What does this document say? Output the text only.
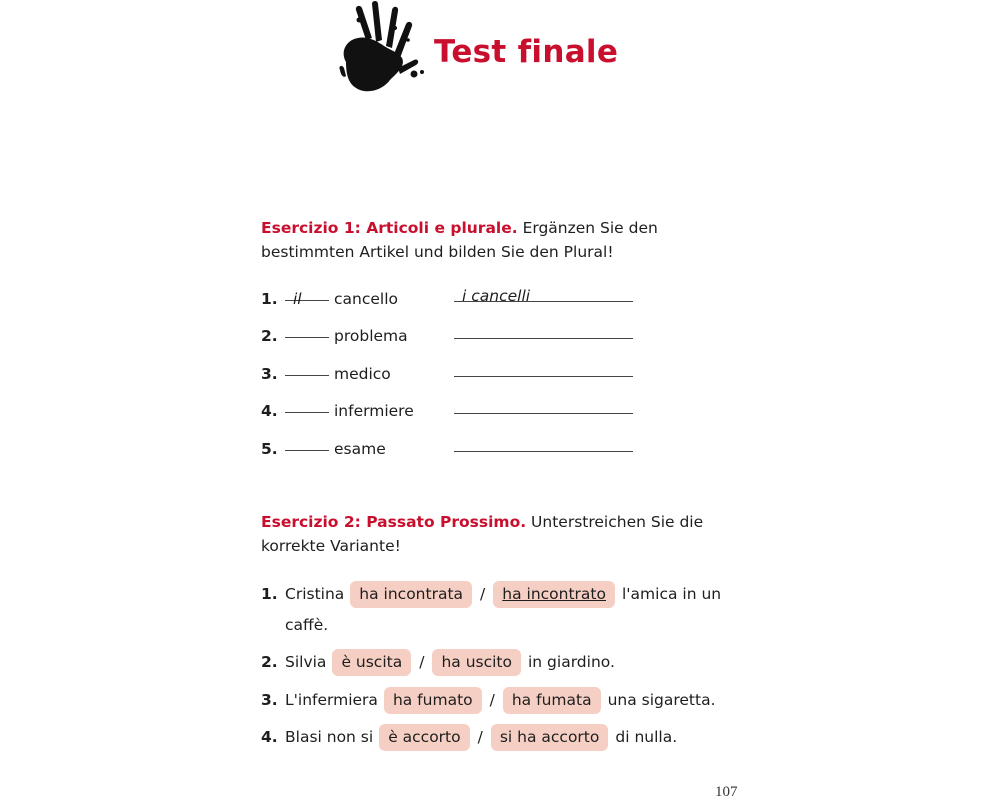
Test finale

Esercizio 1: Articoli e plurale. Ergänzen Sie den bestimmten Artikel und bilden Sie den Plural!

1. il cancello	i cancelli
2.	problema
3.	medico
4.	infermiere
5.	esame

Esercizio 2: Passato Prossimo. Unterstreichen Sie die korrekte Variante!

1. Cristina ha incontrata	/	ha incontrato	l'amica in un
caffè.
2. Silvia è uscita	/	ha uscito	in giardino.
3. L'infermiera ha fumato	/	ha fumata	una sigaretta.
4. Blasi non si è accorto	/	si ha accorto	di nulla.
107
